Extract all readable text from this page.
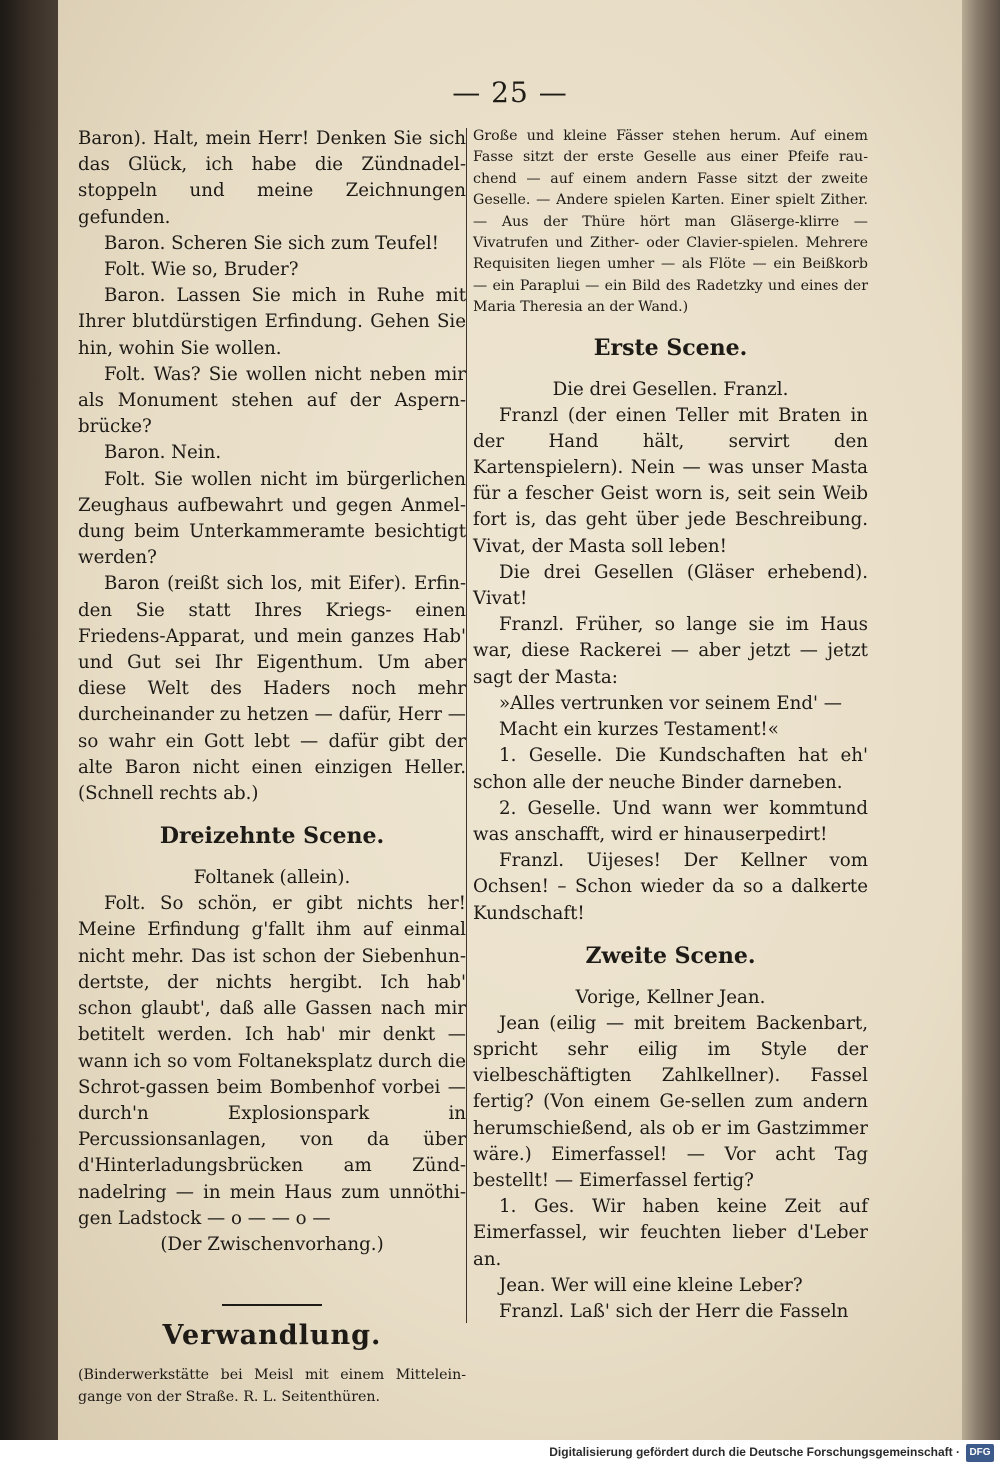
— 25 —

Baron). Halt, mein Herr! Denken Sie sich das Glück, ich habe die Zündnadel-stoppeln und meine Zeichnungen gefunden.

Baron. Scheren Sie sich zum Teufel!

Folt. Wie so, Bruder?

Baron. Lassen Sie mich in Ruhe mit Ihrer blutdürstigen Erfindung. Gehen Sie hin, wohin Sie wollen.

Folt. Was? Sie wollen nicht neben mir als Monument stehen auf der Aspern-brücke?

Baron. Nein.

Folt. Sie wollen nicht im bürgerlichen Zeughaus aufbewahrt und gegen Anmel-dung beim Unterkammeramte besichtigt werden?

Baron (reißt sich los, mit Eifer). Erfin-den Sie statt Ihres Kriegs- einen Friedens-Apparat, und mein ganzes Hab' und Gut sei Ihr Eigenthum. Um aber diese Welt des Haders noch mehr durcheinander zu hetzen — dafür, Herr — so wahr ein Gott lebt — dafür gibt der alte Baron nicht einen einzigen Heller. (Schnell rechts ab.)

Dreizehnte Scene.

Foltanek (allein).

Folt. So schön, er gibt nichts her! Meine Erfindung g'fallt ihm auf einmal nicht mehr. Das ist schon der Siebenhun-dertste, der nichts hergibt. Ich hab' schon glaubt', daß alle Gassen nach mir betitelt werden. Ich hab' mir denkt — wann ich so vom Foltaneksplatz durch die Schrot-gassen beim Bombenhof vorbei — durch'n Explosionspark in Percussionsanlagen, von da über d'Hinterladungsbrücken am Zünd-nadelring — in mein Haus zum unnöthi-gen Ladstock — o — — o —

(Der Zwischenvorhang.)

Verwandlung.

(Binderwerkstätte bei Meisl mit einem Mittelein-gange von der Straße. R. L. Seitenthüren.

Große und kleine Fässer stehen herum. Auf einem Fasse sitzt der erste Geselle aus einer Pfeife rau-chend — auf einem andern Fasse sitzt der zweite Geselle. — Andere spielen Karten. Einer spielt Zither. — Aus der Thüre hört man Gläserge-klirre — Vivatrufen und Zither- oder Clavier-spielen. Mehrere Requisiten liegen umher — als Flöte — ein Beißkorb — ein Paraplui — ein Bild des Radetzky und eines der Maria Theresia an der Wand.)

Erste Scene.

Die drei Gesellen. Franzl.

Franzl (der einen Teller mit Braten in der Hand hält, servirt den Kartenspielern). Nein — was unser Masta für a fescher Geist worn is, seit sein Weib fort is, das geht über jede Beschreibung. Vivat, der Masta soll leben!

Die drei Gesellen (Gläser erhebend). Vivat!

Franzl. Früher, so lange sie im Haus war, diese Rackerei — aber jetzt — jetzt sagt der Masta:

»Alles vertrunken vor seinem End' —

Macht ein kurzes Testament!«

1. Geselle. Die Kundschaften hat eh' schon alle der neuche Binder darneben.

2. Geselle. Und wann wer kommtund was anschafft, wird er hinauserpedirt!

Franzl. Uijeses! Der Kellner vom Ochsen! – Schon wieder da so a dalkerte Kundschaft!

Zweite Scene.

Vorige, Kellner Jean.

Jean (eilig — mit breitem Backenbart, spricht sehr eilig im Style der vielbeschäftigten Zahlkellner). Fassel fertig? (Von einem Ge-sellen zum andern herumschießend, als ob er im Gastzimmer wäre.) Eimerfassel! — Vor acht Tag bestellt! — Eimerfassel fertig?

1. Ges. Wir haben keine Zeit auf Eimerfassel, wir feuchten lieber d'Leber an.

Jean. Wer will eine kleine Leber?

Franzl. Laß' sich der Herr die Fasseln

Digitalisierung gefördert durch die Deutsche Forschungsgemeinschaft · DFG
